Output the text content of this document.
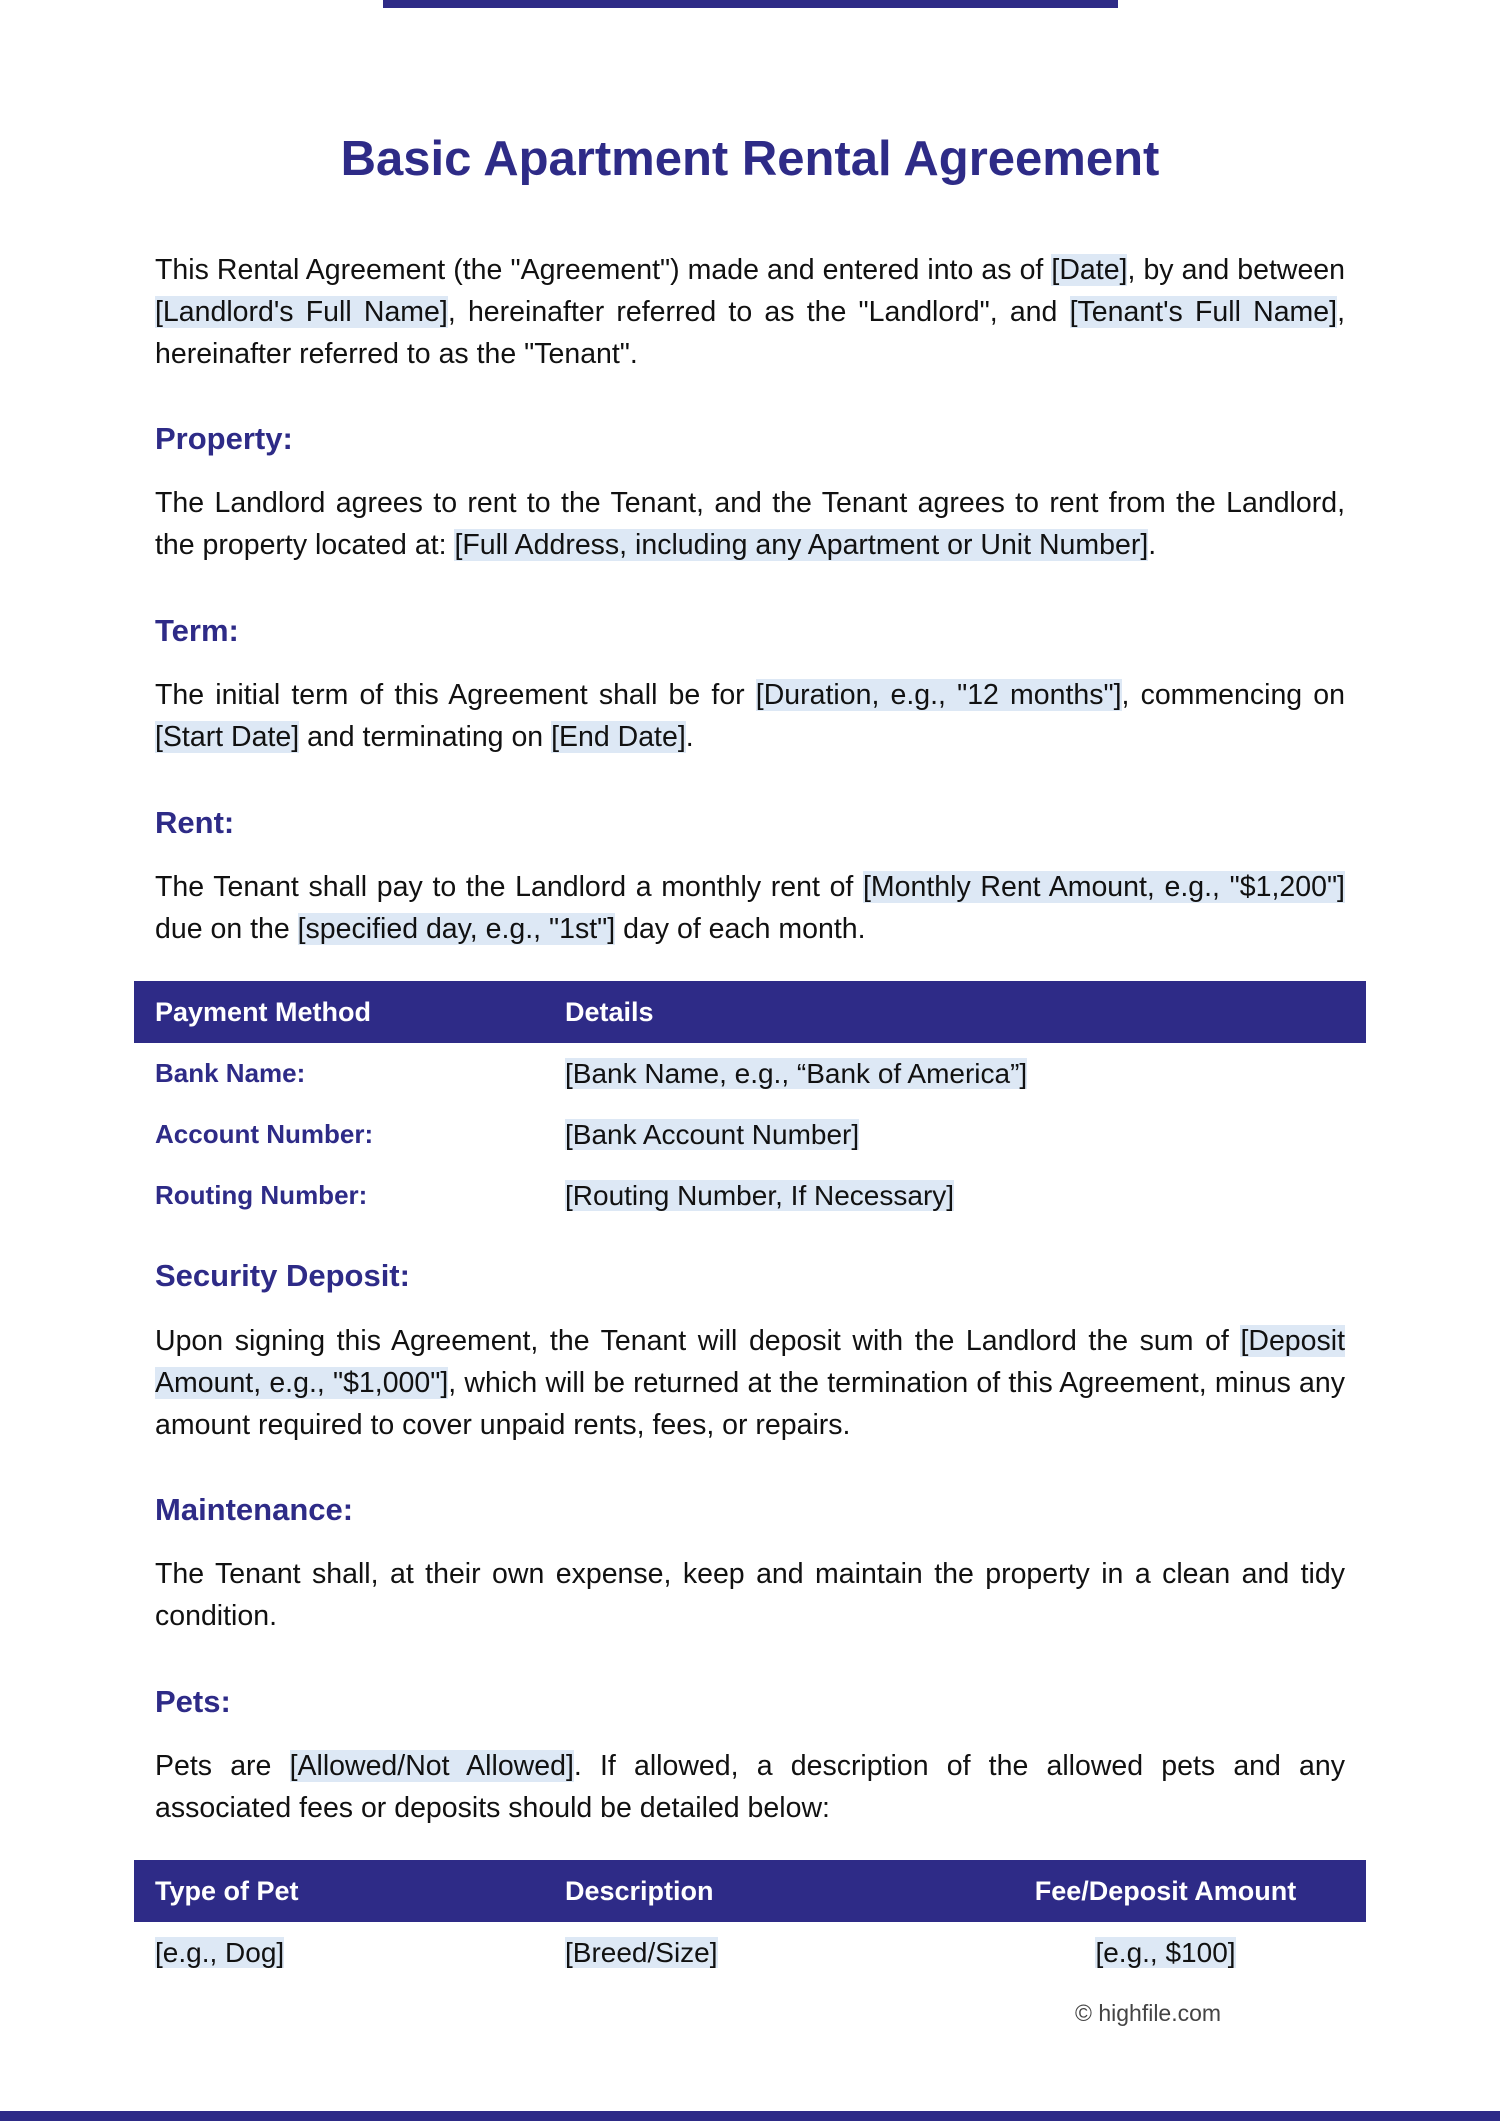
Basic Apartment Rental Agreement

This Rental Agreement (the "Agreement") made and entered into as of [Date], by and between [Landlord's Full Name], hereinafter referred to as the "Landlord", and [Tenant's Full Name], hereinafter referred to as the "Tenant".

Property:

The Landlord agrees to rent to the Tenant, and the Tenant agrees to rent from the Landlord, the property located at: [Full Address, including any Apartment or Unit Number].

Term:

The initial term of this Agreement shall be for [Duration, e.g., "12 months"], commencing on [Start Date] and terminating on [End Date].

Rent:

The Tenant shall pay to the Landlord a monthly rent of [Monthly Rent Amount, e.g., "$1,200"] due on the [specified day, e.g., "1st"] day of each month.

Payment Method	Details
Bank Name:	[Bank Name, e.g., “Bank of America”]
Account Number:	[Bank Account Number]
Routing Number:	[Routing Number, If Necessary]
Security Deposit:

Upon signing this Agreement, the Tenant will deposit with the Landlord the sum of [Deposit Amount, e.g., "$1,000"], which will be returned at the termination of this Agreement, minus any amount required to cover unpaid rents, fees, or repairs.

Maintenance:

The Tenant shall, at their own expense, keep and maintain the property in a clean and tidy condition.

Pets:

Pets are [Allowed/Not Allowed]. If allowed, a description of the allowed pets and any associated fees or deposits should be detailed below:

Type of Pet	Description	Fee/Deposit Amount
[e.g., Dog]	[Breed/Size]	[e.g., $100]
© highfile.com
